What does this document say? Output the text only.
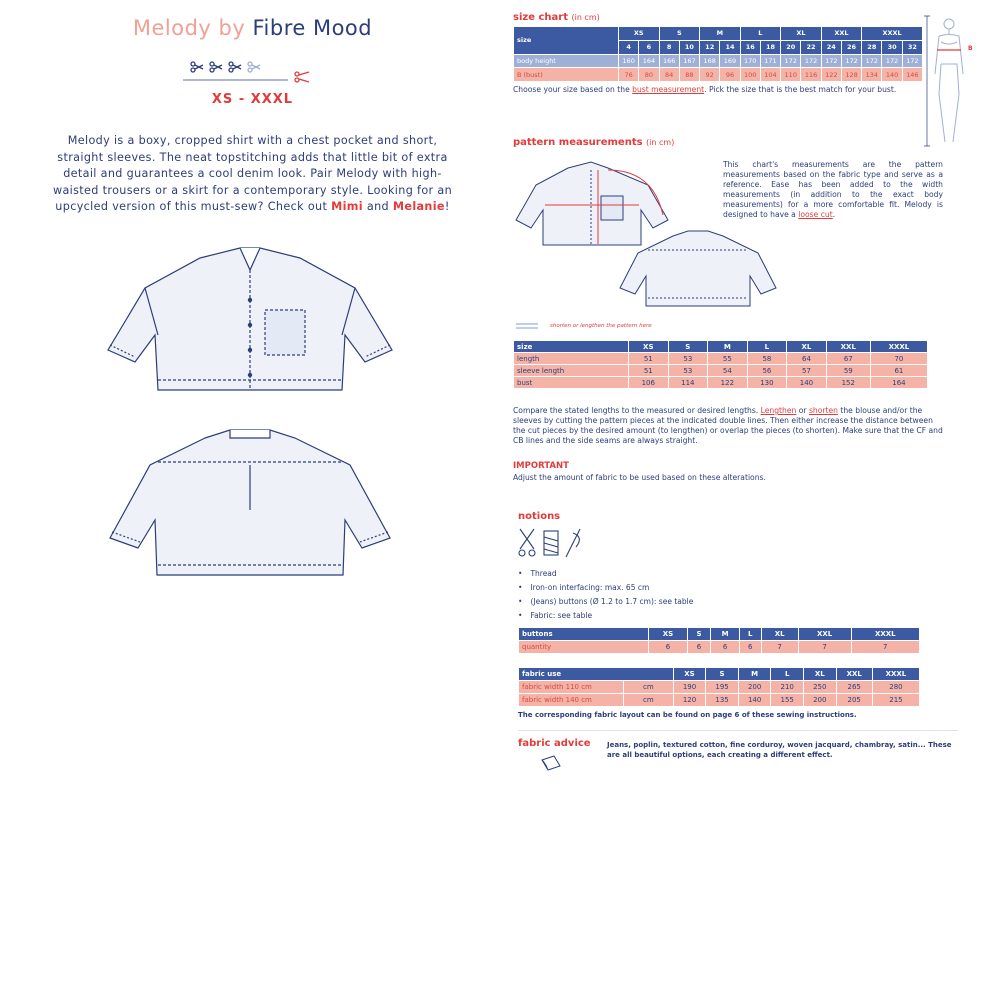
Melody by Fibre Mood
XS - XXXL

Melody is a boxy, cropped shirt with a chest pocket and short, straight sleeves. The neat topstitching adds that little bit of extra detail and guarantees a cool denim look. Pair Melody with high-waisted trousers or a skirt for a contemporary style. Looking for an upcycled version of this must-sew? Check out Mimi and Melanie!

size chart (in cm)
size	XS		S		M		L		XL		XXL		XXXL		
	4	6	8	10	12	14	16	18	20	22	24	26	28	30	32
body height	160	164	166	167	168	169	170	171	172	172	172	172	172	172	172
B (bust)	76	80	84	88	92	96	100	104	110	116	122	128	134	140	146

Choose your size based on the bust measurement. Pick the size that is the best match for your bust.

B
pattern measurements (in cm)

This chart's measurements are the pattern measurements based on the fabric type and serve as a reference. Ease has been added to the width measurements (in addition to the exact body measurements) for a more comfortable fit. Melody is designed to have a loose cut.

shorten or lengthen the pattern here
size	XS	S	M	L	XL	XXL	XXXL
length	51	53	55	58	64	67	70
sleeve length	51	53	54	56	57	59	61
bust	106	114	122	130	140	152	164

Compare the stated lengths to the measured or desired lengths. Lengthen or shorten the blouse and/or the sleeves by cutting the pattern pieces at the indicated double lines. Then either increase the distance between the cut pieces by the desired amount (to lengthen) or overlap the pieces (to shorten). Make sure that the CF and CB lines and the side seams are always straight.

IMPORTANT

Adjust the amount of fabric to be used based on these alterations.

notions
• Thread
• Iron-on interfacing: max. 65 cm
• (Jeans) buttons (Ø 1.2 to 1.7 cm): see table
• Fabric: see table
buttons	XS	S	M	L	XL	XXL	XXXL
quantity	6	6	6	6	7	7	7
fabric use		XS	S	M	L	XL	XXL	XXXL
fabric width 110 cm	cm	190	195	200	210	250	265	280
fabric width 140 cm	cm	120	135	140	155	200	205	215

The corresponding fabric layout can be found on page 6 of these sewing instructions.

fabric advice	Jeans, poplin, textured cotton, fine corduroy, woven jacquard, chambray, satin... These are all beautiful options, each creating a different effect.
